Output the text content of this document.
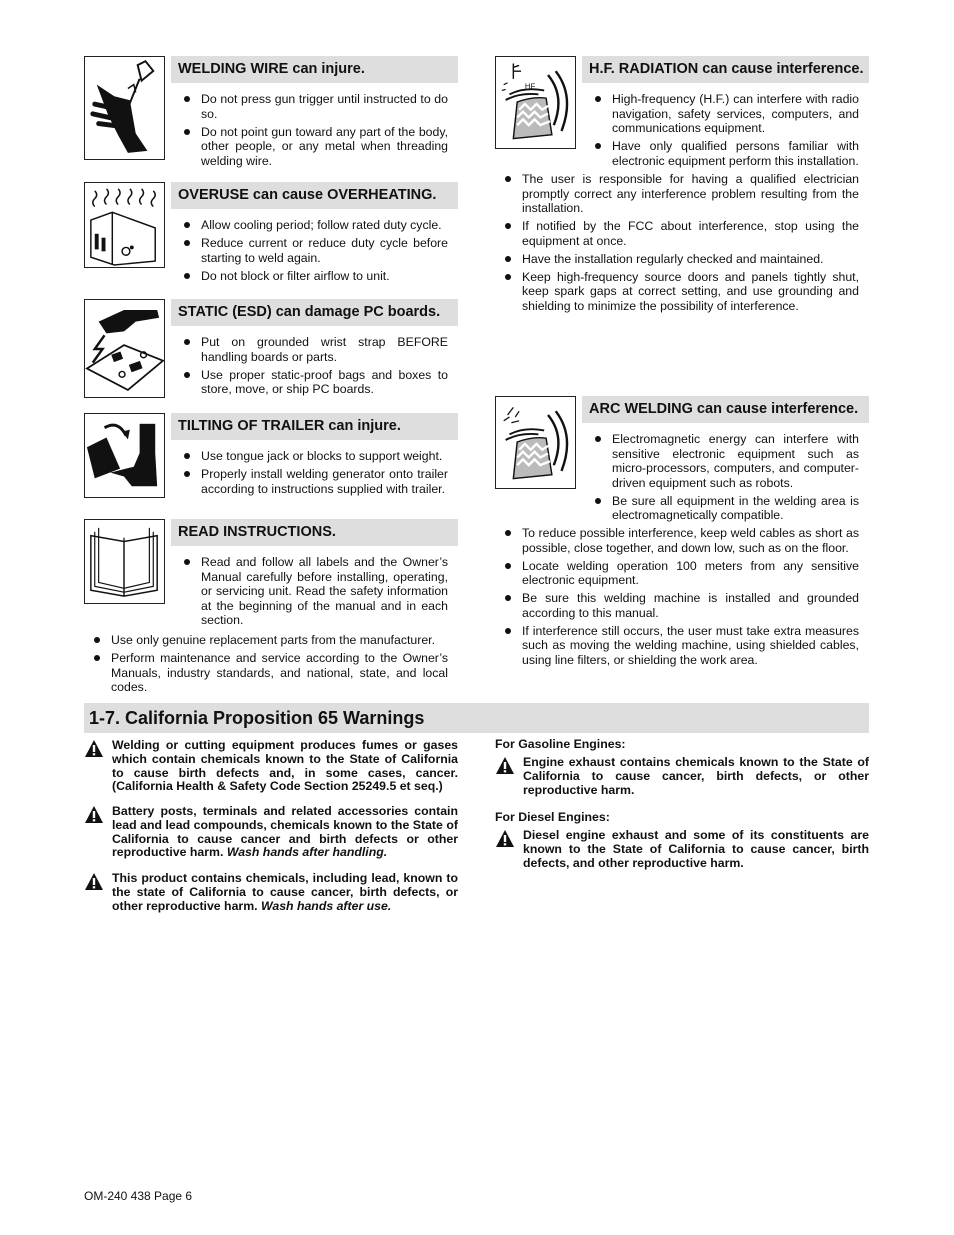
WELDING WIRE can injure.
Do not press gun trigger until instructed to do so.
Do not point gun toward any part of the body, other people, or any metal when threading welding wire.
OVERUSE can cause OVERHEATING.
Allow cooling period; follow rated duty cycle.
Reduce current or reduce duty cycle before starting to weld again.
Do not block or filter airflow to unit.
STATIC (ESD) can damage PC boards.
Put on grounded wrist strap BEFORE handling boards or parts.
Use proper static-proof bags and boxes to store, move, or ship PC boards.
TILTING OF TRAILER can injure.
Use tongue jack or blocks to support weight.
Properly install welding generator onto trailer according to instructions supplied with trailer.
READ INSTRUCTIONS.
Read and follow all labels and the Owner’s Manual carefully before installing, operating, or servicing unit. Read the safety information at the beginning of the manual and in each section.
Use only genuine replacement parts from the manufacturer.
Perform maintenance and service according to the Owner’s Manuals, industry standards, and national, state, and local codes.
HF
H.F. RADIATION can cause interference.
High-frequency (H.F.) can interfere with radio navigation, safety services, computers, and communications equipment.
Have only qualified persons familiar with electronic equipment perform this installation.
The user is responsible for having a qualified electrician promptly correct any interference problem resulting from the installation.
If notified by the FCC about interference, stop using the equipment at once.
Have the installation regularly checked and maintained.
Keep high-frequency source doors and panels tightly shut, keep spark gaps at correct setting, and use grounding and shielding to minimize the possibility of interference.
ARC WELDING can cause interference.
Electromagnetic energy can interfere with sensitive electronic equipment such as micro-processors, computers, and computer-driven equipment such as robots.
Be sure all equipment in the welding area is electromagnetically compatible.
To reduce possible interference, keep weld cables as short as possible, close together, and down low, such as on the floor.
Locate welding operation 100 meters from any sensitive electronic equipment.
Be sure this welding machine is installed and grounded according to this manual.
If interference still occurs, the user must take extra measures such as moving the welding machine, using shielded cables, using line filters, or shielding the work area.
1-7. California Proposition 65 Warnings
Welding or cutting equipment produces fumes or gases which contain chemicals known to the State of California to cause birth defects and, in some cases, cancer. (California Health & Safety Code Section 25249.5 et seq.)
Battery posts, terminals and related accessories contain lead and lead compounds, chemicals known to the State of California to cause cancer and birth defects or other reproductive harm. Wash hands after handling.
This product contains chemicals, including lead, known to the state of California to cause cancer, birth defects, or other reproductive harm. Wash hands after use.
For Gasoline Engines:
Engine exhaust contains chemicals known to the State of California to cause cancer, birth defects, or other reproductive harm.
For Diesel Engines:
Diesel engine exhaust and some of its constituents are known to the State of California to cause cancer, birth defects, and other reproductive harm.
OM-240 438 Page 6
